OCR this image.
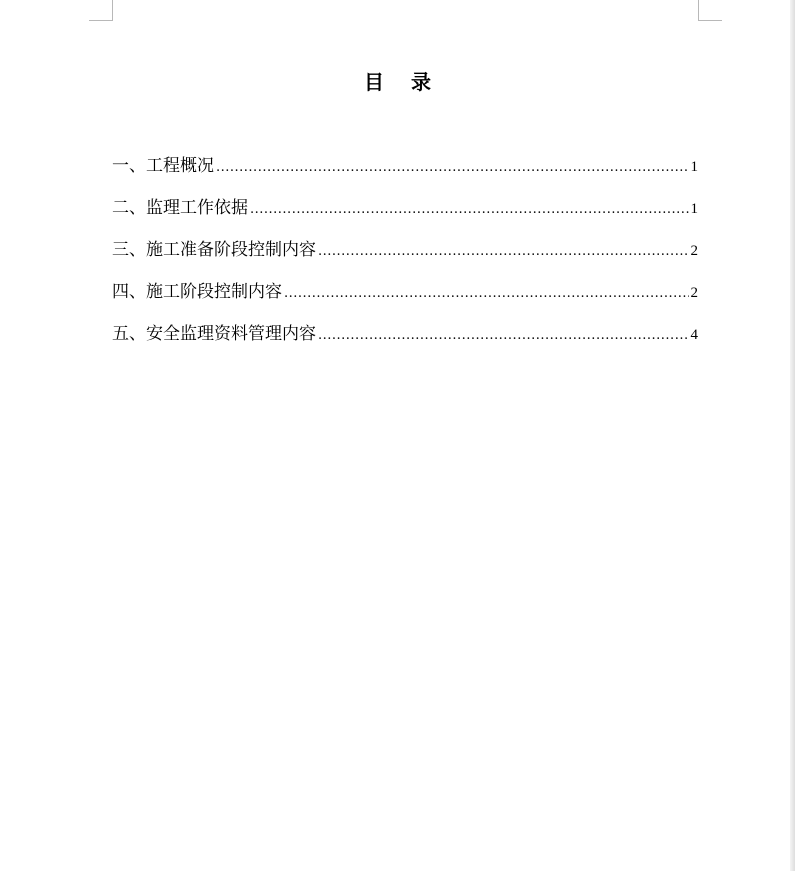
目 录
一、工程概况 .....	1
二、监理工作依据 .....	1
三、施工准备阶段控制内容 .....	2
四、施工阶段控制内容 .....	2
五、安全监理资料管理内容 .....	4
